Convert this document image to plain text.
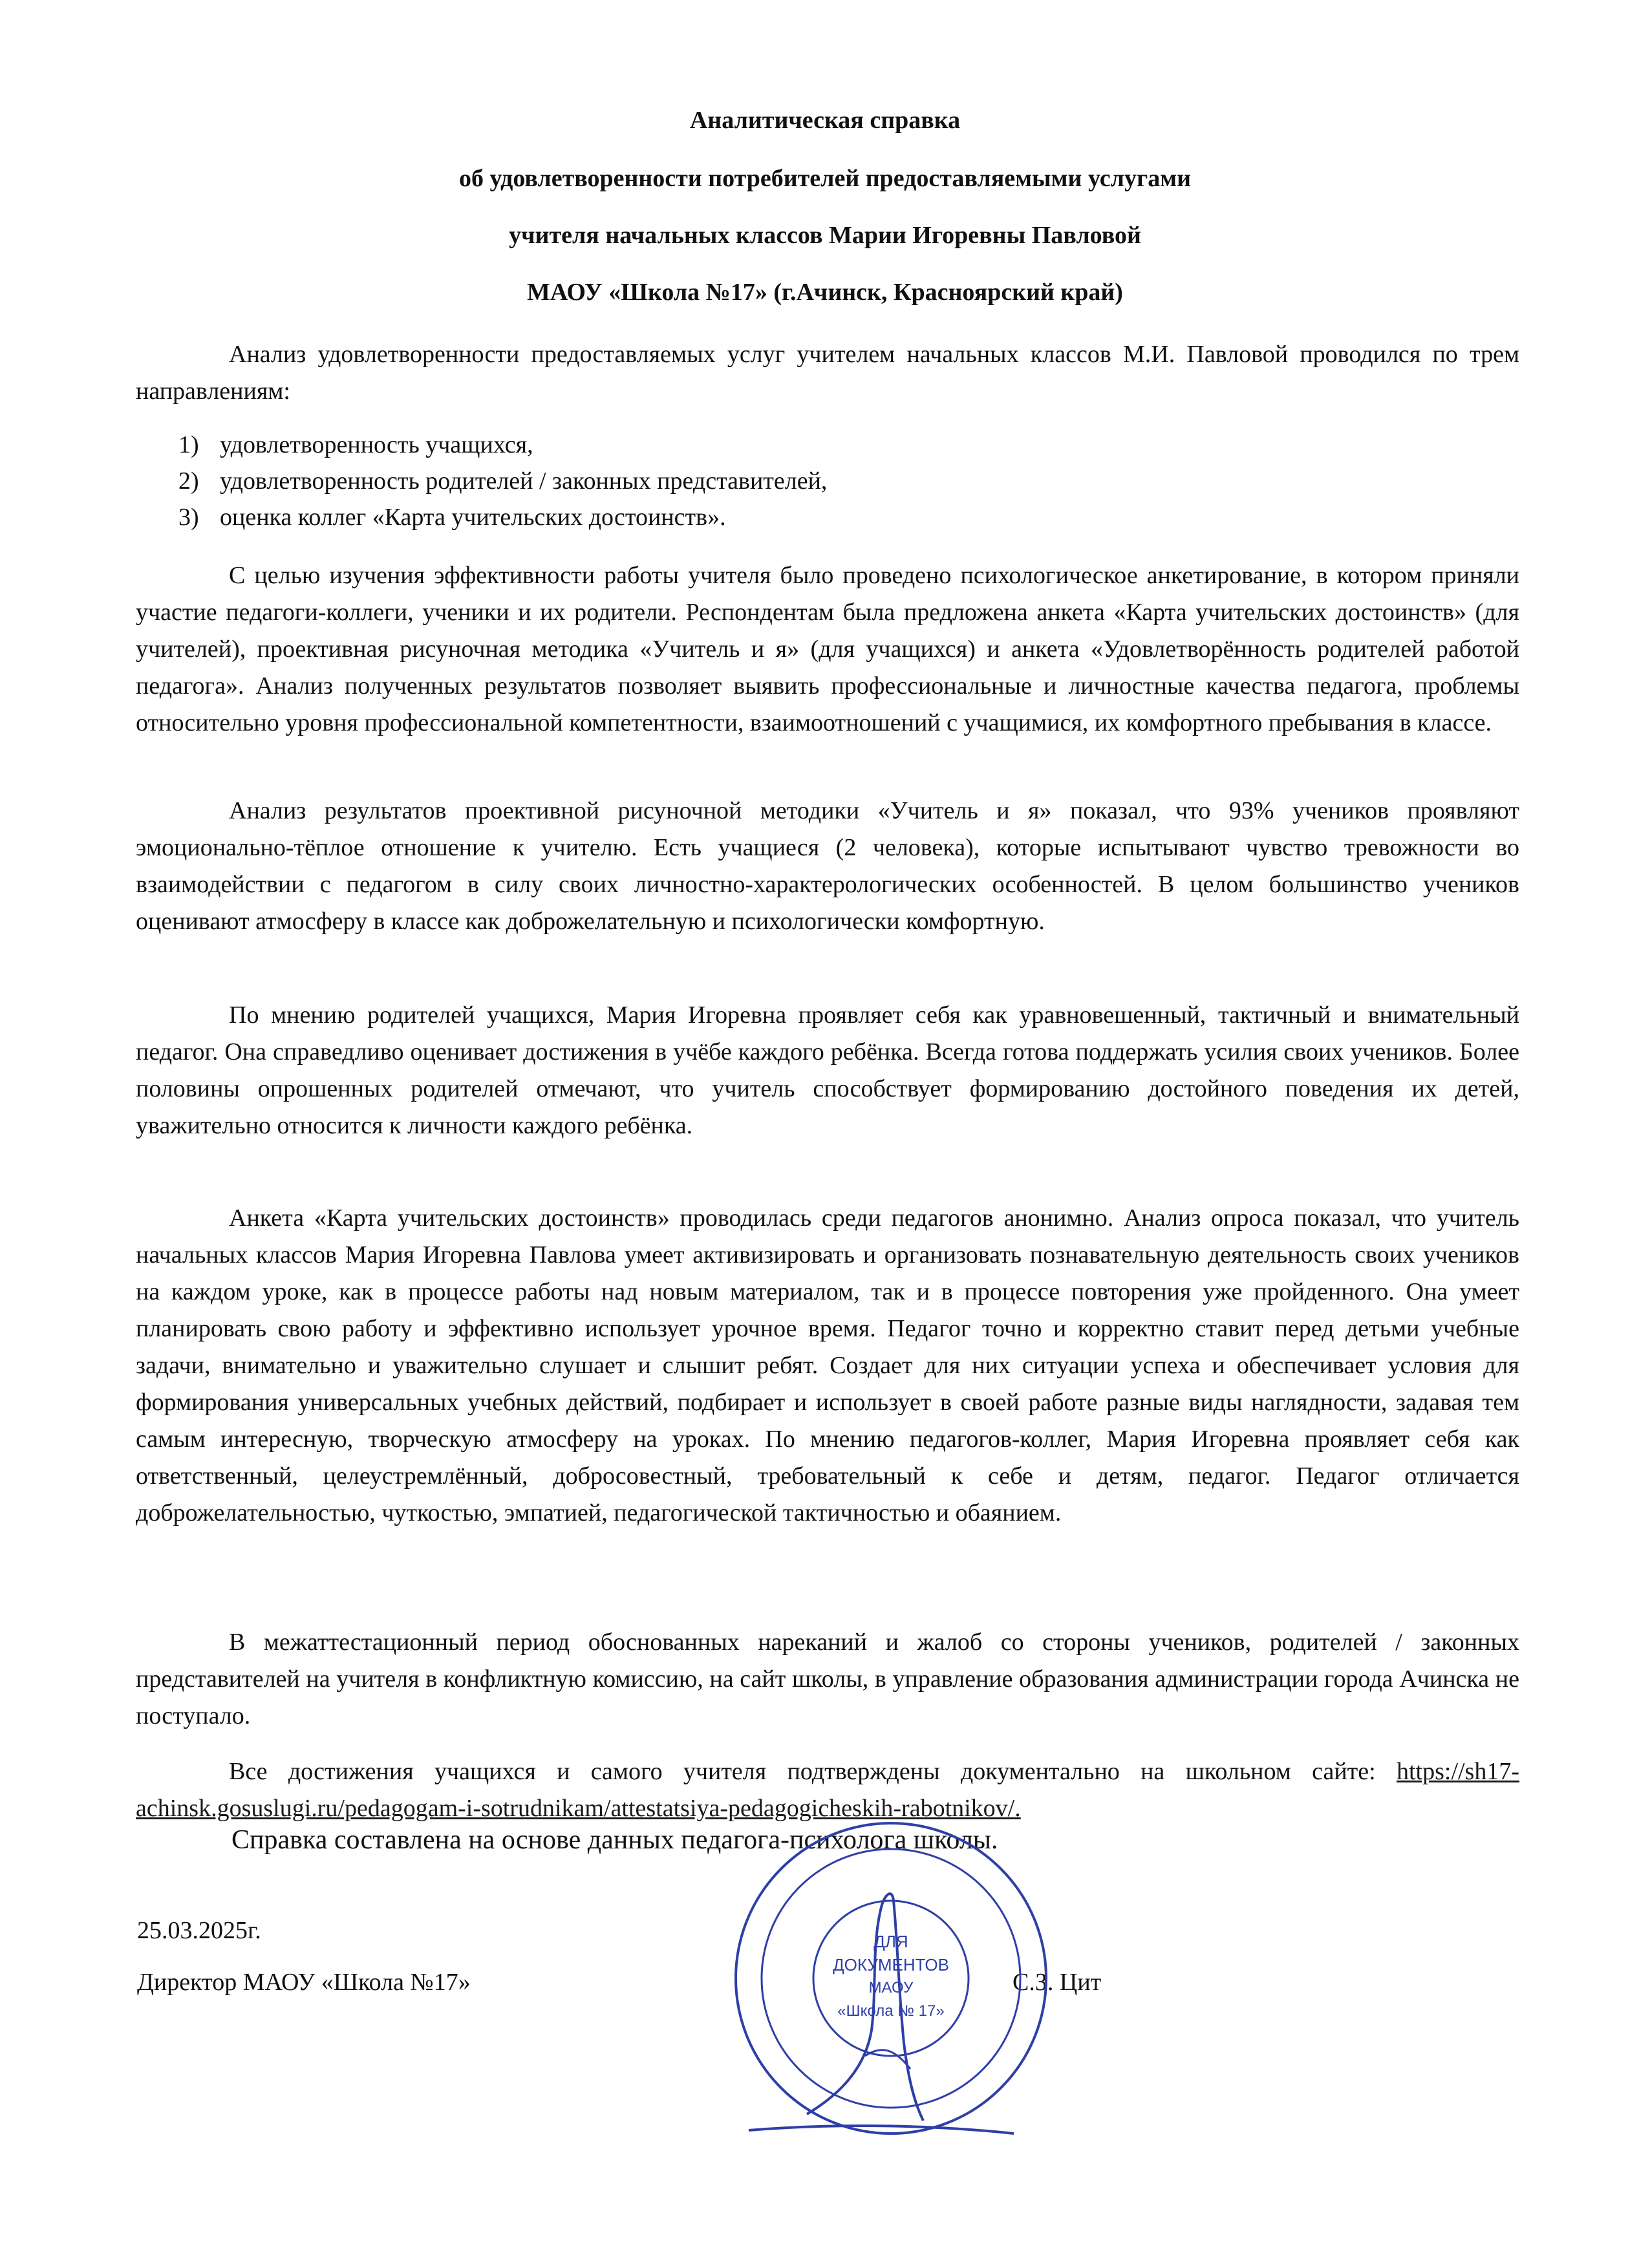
Аналитическая справка
об удовлетворенности потребителей предоставляемыми услугами
учителя начальных классов Марии Игоревны Павловой
МАОУ «Школа №17» (г.Ачинск, Красноярский край)
Анализ удовлетворенности предоставляемых услуг учителем начальных классов М.И. Павловой проводился по трем направлениям:
1) удовлетворенность учащихся,
2) удовлетворенность родителей / законных представителей,
3) оценка коллег «Карта учительских достоинств».
С целью изучения эффективности работы учителя было проведено психологическое анкетирование, в котором приняли участие педагоги-коллеги, ученики и их родители. Респондентам была предложена анкета «Карта учительских достоинств» (для учителей), проективная рисуночная методика «Учитель и я» (для учащихся) и анкета «Удовлетворённость родителей работой педагога». Анализ полученных результатов позволяет выявить профессиональные и личностные качества педагога, проблемы относительно уровня профессиональной компетентности, взаимоотношений с учащимися, их комфортного пребывания в классе.
Анализ результатов проективной рисуночной методики «Учитель и я» показал, что 93% учеников проявляют эмоционально-тёплое отношение к учителю. Есть учащиеся (2 человека), которые испытывают чувство тревожности во взаимодействии с педагогом в силу своих личностно-характерологических особенностей. В целом большинство учеников оценивают атмосферу в классе как доброжелательную и психологически комфортную.
По мнению родителей учащихся, Мария Игоревна проявляет себя как уравновешенный, тактичный и внимательный педагог. Она справедливо оценивает достижения в учёбе каждого ребёнка. Всегда готова поддержать усилия своих учеников. Более половины опрошенных родителей отмечают, что учитель способствует формированию достойного поведения их детей, уважительно относится к личности каждого ребёнка.
Анкета «Карта учительских достоинств» проводилась среди педагогов анонимно. Анализ опроса показал, что учитель начальных классов Мария Игоревна Павлова умеет активизировать и организовать познавательную деятельность своих учеников на каждом уроке, как в процессе работы над новым материалом, так и в процессе повторения уже пройденного. Она умеет планировать свою работу и эффективно использует урочное время. Педагог точно и корректно ставит перед детьми учебные задачи, внимательно и уважительно слушает и слышит ребят. Создает для них ситуации успеха и обеспечивает условия для формирования универсальных учебных действий, подбирает и использует в своей работе разные виды наглядности, задавая тем самым интересную, творческую атмосферу на уроках. По мнению педагогов-коллег, Мария Игоревна проявляет себя как ответственный, целеустремлённый, добросовестный, требовательный к себе и детям, педагог. Педагог отличается доброжелательностью, чуткостью, эмпатией, педагогической тактичностью и обаянием.
В межаттестационный период обоснованных нареканий и жалоб со стороны учеников, родителей / законных представителей на учителя в конфликтную комиссию, на сайт школы, в управление образования администрации города Ачинска не поступало.
Все достижения учащихся и самого учителя подтверждены документально на школьном сайте: https://sh17-achinsk.gosuslugi.ru/pedagogam-i-sotrudnikam/attestatsiya-pedagogicheskih-rabotnikov/.
Справка составлена на основе данных педагога-психолога школы.
25.03.2025г.
Директор МАОУ «Школа №17»	С.З. Цит
ДЛЯ
ДОКУМЕНТОВ
МАОУ
«Школа № 17»
